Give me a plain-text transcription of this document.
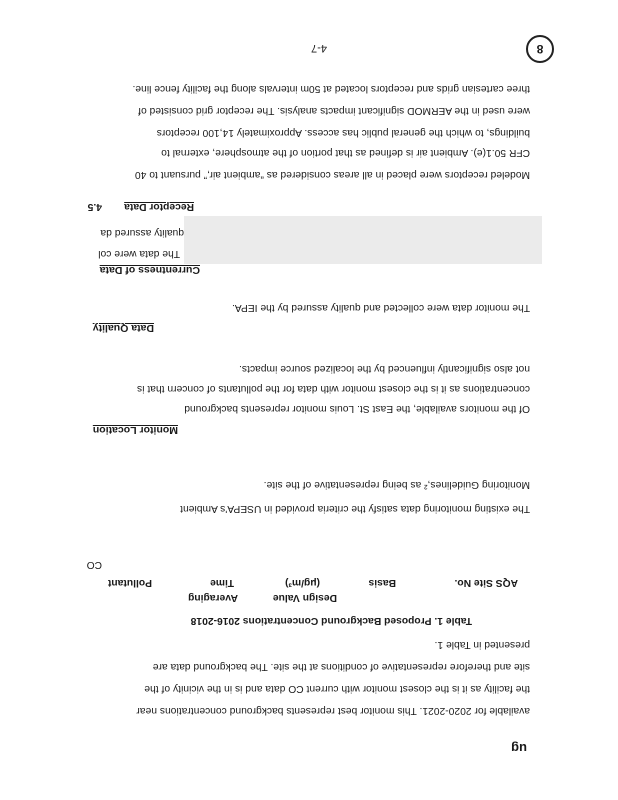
ug
available for 2020-2021. This monitor best represents background concentrations near
the facility as it is the closest monitor with current CO data and is in the vicinity of the
site and therefore representative of conditions at the site. The background data are
presented in Table 1.
Table 1. Proposed Background Concentrations 2016-2018
Averaging	Design Value
AQS Site No.
Basis
(μg/m³)
Time
Pollutant
CO
The existing monitoring data satisfy the criteria provided in USEPA's Ambient
Monitoring Guidelines,² as being representative of the site.
Monitor Location
Of the monitors available, the East St. Louis monitor represents background
concentrations as it is the closest monitor with data for the pollutants of concern that is
not also significantly influenced by the localized source impacts.
Data Quality
The monitor data were collected and quality assured by the IEPA.
Currentness of Data
The data were col
quality assured da
Receptor Data
4.5
Modeled receptors were placed in all areas considered as “ambient air,” pursuant to 40
CFR 50.1(e). Ambient air is defined as that portion of the atmosphere, external to
buildings, to which the general public has access. Approximately 14,100 receptors
were used in the AERMOD significant impacts analysis. The receptor grid consisted of
three cartesian grids and receptors located at 50m intervals along the facility fence line.
4-7	8
